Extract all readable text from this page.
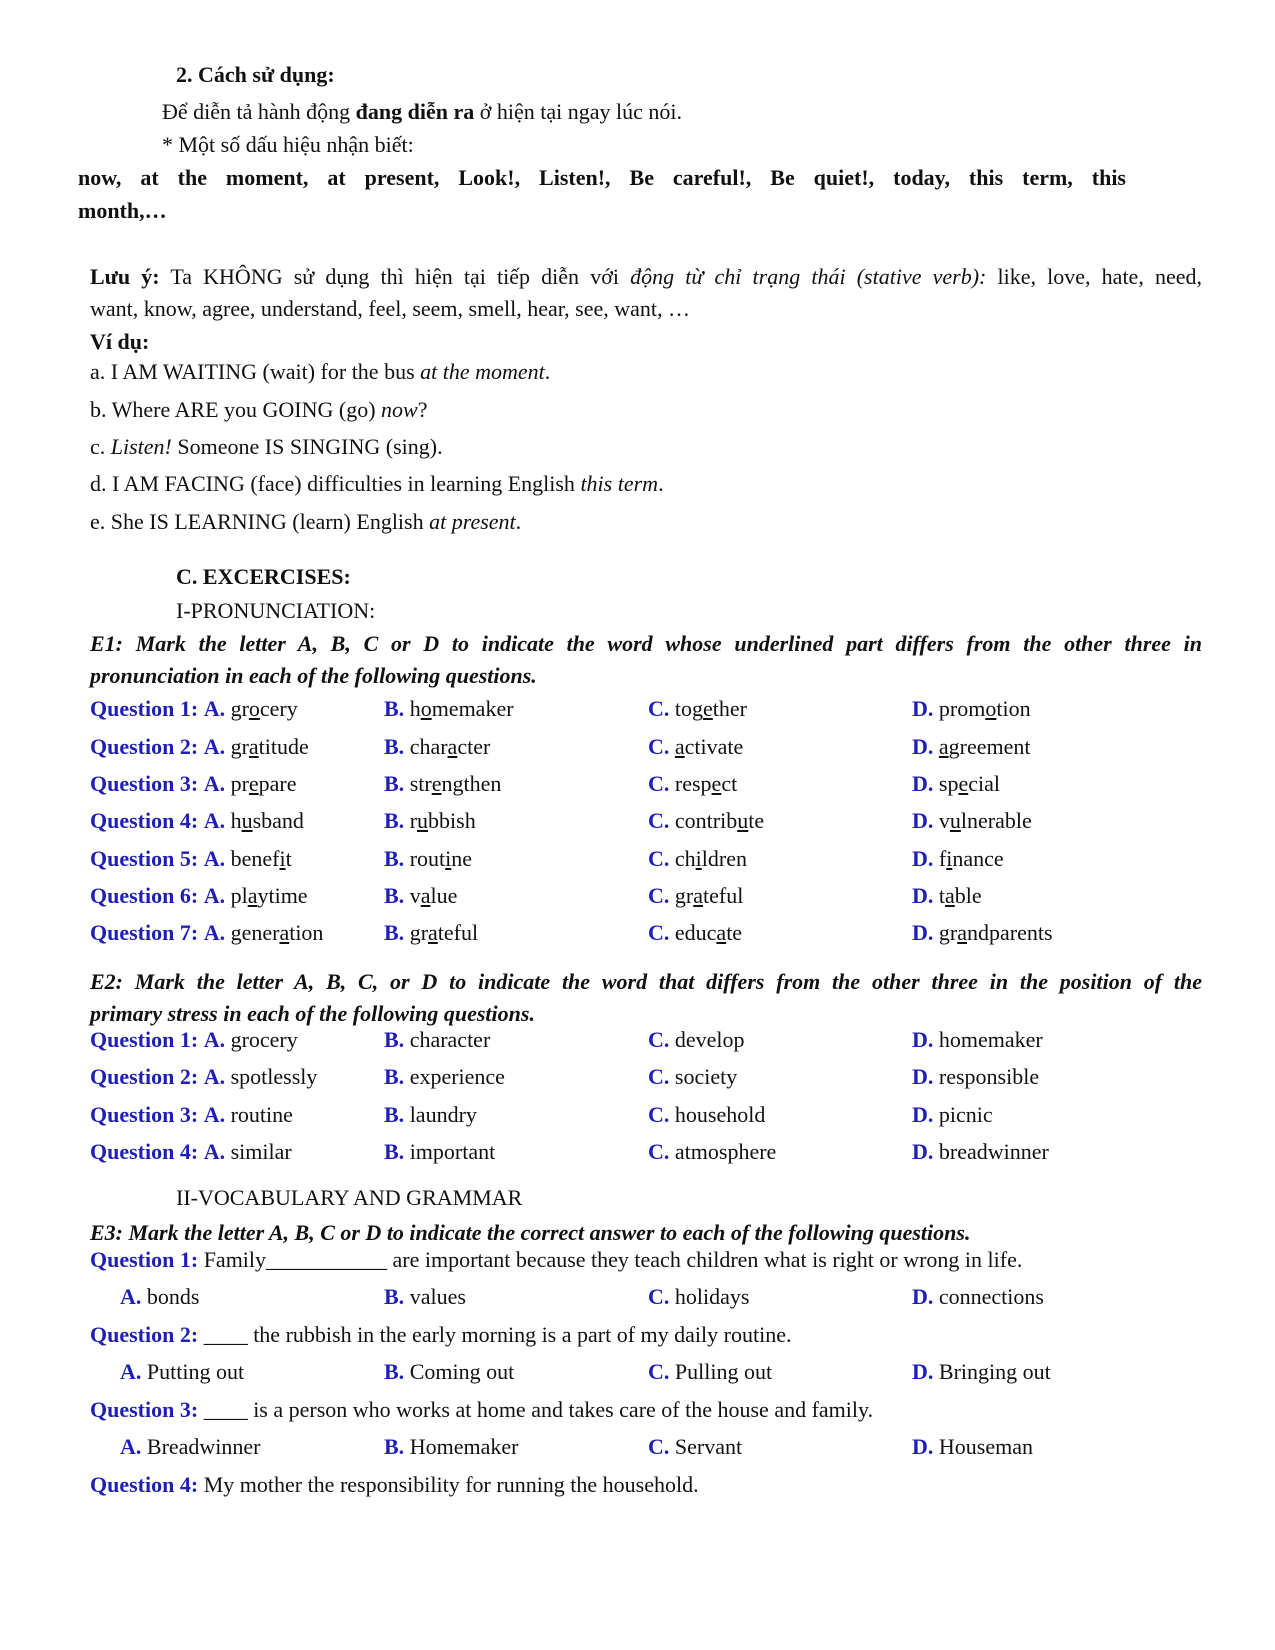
2. Cách sử dụng:
Để diễn tả hành động đang diễn ra ở hiện tại ngay lúc nói.
* Một số dấu hiệu nhận biết:
now, at the moment, at present, Look!, Listen!, Be careful!, Be quiet!, today, this term, this
month,…
Lưu ý: Ta KHÔNG sử dụng thì hiện tại tiếp diễn với động từ chỉ trạng thái (stative verb): like, love, hate, need,
want, know, agree, understand, feel, seem, smell, hear, see, want, …
Ví dụ:
a. I AM WAITING (wait) for the bus at the moment.
b. Where ARE you GOING (go) now?
c. Listen! Someone IS SINGING (sing).
d. I AM FACING (face) difficulties in learning English this term.
e. She IS LEARNING (learn) English at present.
C. EXCERCISES:
I-PRONUNCIATION:
E1: Mark the letter A, B, C or D to indicate the word whose underlined part differs from the other three in
pronunciation in each of the following questions.
Question 1: A. grocery	B. homemaker	C. together	D. promotion
Question 2: A. gratitude	B. character	C. activate	D. agreement
Question 3: A. prepare	B. strengthen	C. respect	D. special
Question 4: A. husband	B. rubbish	C. contribute	D. vulnerable
Question 5: A. benefit	B. routine	C. children	D. finance
Question 6: A. playtime	B. value	C. grateful	D. table
Question 7: A. generation	B. grateful	C. educate	D. grandparents
E2: Mark the letter A, B, C, or D to indicate the word that differs from the other three in the position of the
primary stress in each of the following questions.
Question 1: A. grocery	B. character	C. develop	D. homemaker
Question 2: A. spotlessly	B. experience	C. society	D. responsible
Question 3: A. routine	B. laundry	C. household	D. picnic
Question 4: A. similar	B. important	C. atmosphere	D. breadwinner
II-VOCABULARY AND GRAMMAR
E3: Mark the letter A, B, C or D to indicate the correct answer to each of the following questions.
Question 1: Family___________ are important because they teach children what is right or wrong in life.
A. bonds	B. values	C. holidays	D. connections
Question 2: ____ the rubbish in the early morning is a part of my daily routine.
A. Putting out	B. Coming out	C. Pulling out	D. Bringing out
Question 3: ____ is a person who works at home and takes care of the house and family.
A. Breadwinner	B. Homemaker	C. Servant	D. Houseman
Question 4: My mother the responsibility for running the household.
